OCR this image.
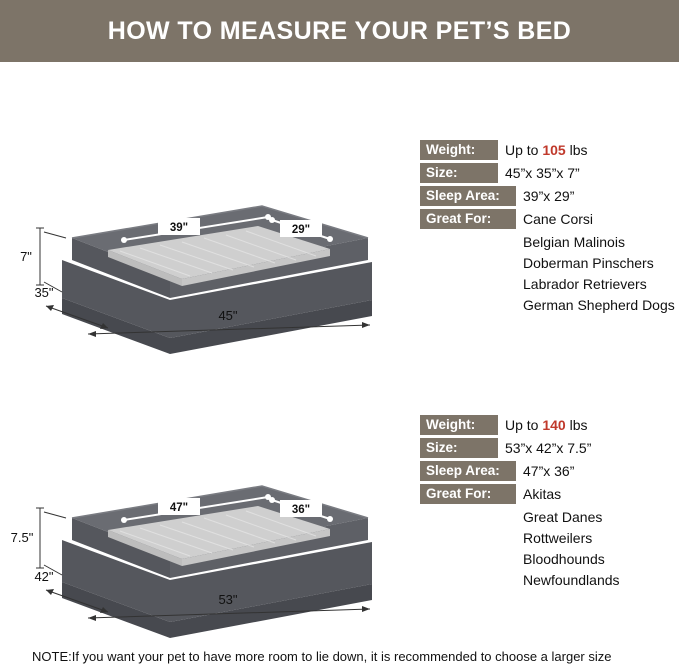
HOW TO MEASURE YOUR PET’S BED
39"	29"
7"
35"
45"
Weight:	Up to 105 lbs
Size:	45”x 35”x 7”
Sleep Area:	39”x 29”
Great For:	Cane Corsi
Belgian Malinois
Doberman Pinschers
Labrador Retrievers
German Shepherd Dogs
47"	36"
7.5"
42"
53"
Weight:	Up to 140 lbs
Size:	53”x 42”x 7.5”
Sleep Area:	47”x 36”
Great For:	Akitas
Great Danes
Rottweilers
Bloodhounds
Newfoundlands
NOTE:If you want your pet to have more room to lie down, it is recommended to choose a larger size
